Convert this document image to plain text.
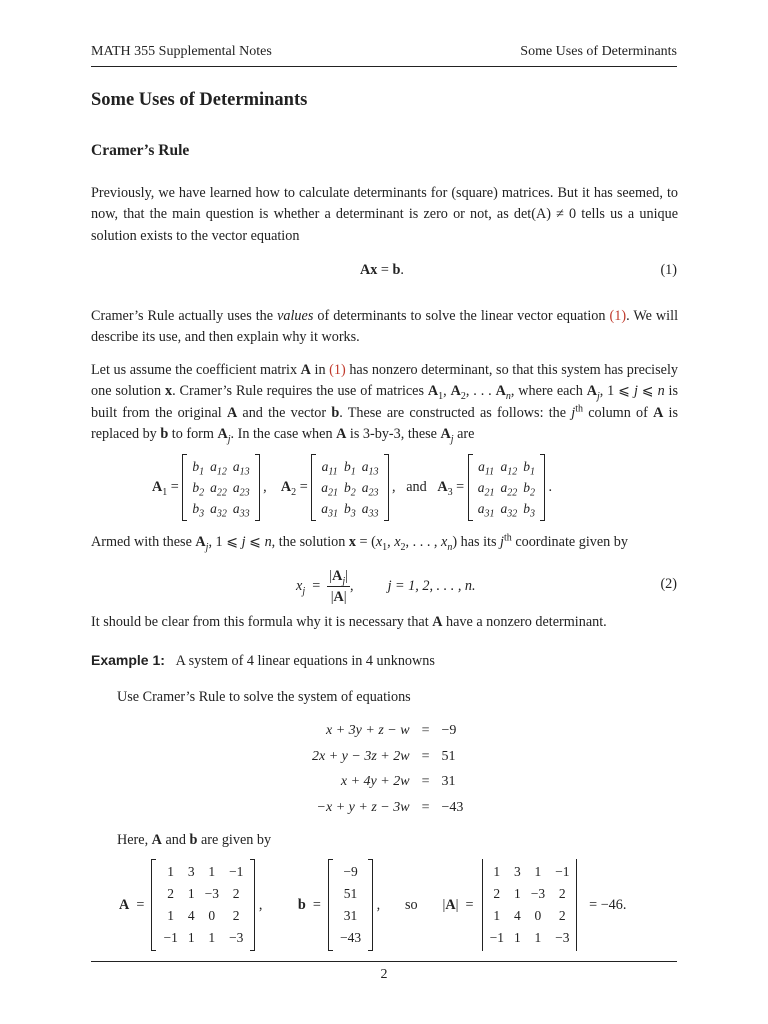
MATH 355 Supplemental Notes	Some Uses of Determinants
Some Uses of Determinants
Cramer’s Rule
Previously, we have learned how to calculate determinants for (square) matrices. But it has seemed, to now, that the main question is whether a determinant is zero or not, as det(A) ≠ 0 tells us a unique solution exists to the vector equation
Ax = b.	(1)
Cramer’s Rule actually uses the values of determinants to solve the linear vector equation (1). We will describe its use, and then explain why it works.
Let us assume the coefficient matrix A in (1) has nonzero determinant, so that this system has precisely one solution x. Cramer’s Rule requires the use of matrices $A_1$, $A_2$, . . . $A_n$, where each $A_j$, 1 ⩽ j ⩽ n is built from the original A and the vector b. These are constructed as follows: the $j^{th}$ column of A is replaced by b to form $A_j$. In the case when A is 3-by-3, these $A_j$ are
$A_1$ =
$b_1$	$a_{12}$	$a_{13}$
$b_2$	$a_{22}$	$a_{23}$
$b_3$	$a_{32}$	$a_{33}$
,    $A_2$ =
$a_{11}$	$b_1$	$a_{13}$
$a_{21}$	$b_2$	$a_{23}$
$a_{31}$	$b_3$	$a_{33}$
,   and $A_3$ =
$a_{11}$	$a_{12}$	$b_1$
$a_{21}$	$a_{22}$	$b_2$
$a_{31}$	$a_{32}$	$b_3$
.
Armed with these $A_j$, 1 ⩽ j ⩽ n, the solution $x = (x_1$, $x_2$, . . . , $x_n$) has its $j^{th}$ coordinate given by
$x_j = \frac{|A_j|}{|A|}$ , j = 1, 2, . . . , n.	(2)
It should be clear from this formula why it is necessary that A have a nonzero determinant.
Example 1: A system of 4 linear equations in 4 unknowns
Use Cramer’s Rule to solve the system of equations
x + 3y + z − w	=	−9
2x + y − 3z + 2w	=	51
x + 4y + 2w	=	31
−x + y + z − 3w	=	−43
Here, A and b are given by
A =
1	3	1	−1
2	1	−3	2
1	4	0	2
−1	1	1	−3
, b =
−9
51
31
−43
, so | A |  =
1	3	1	−1
2	1	−3	2
1	4	0	2
−1	1	1	−3

= −46.
2
